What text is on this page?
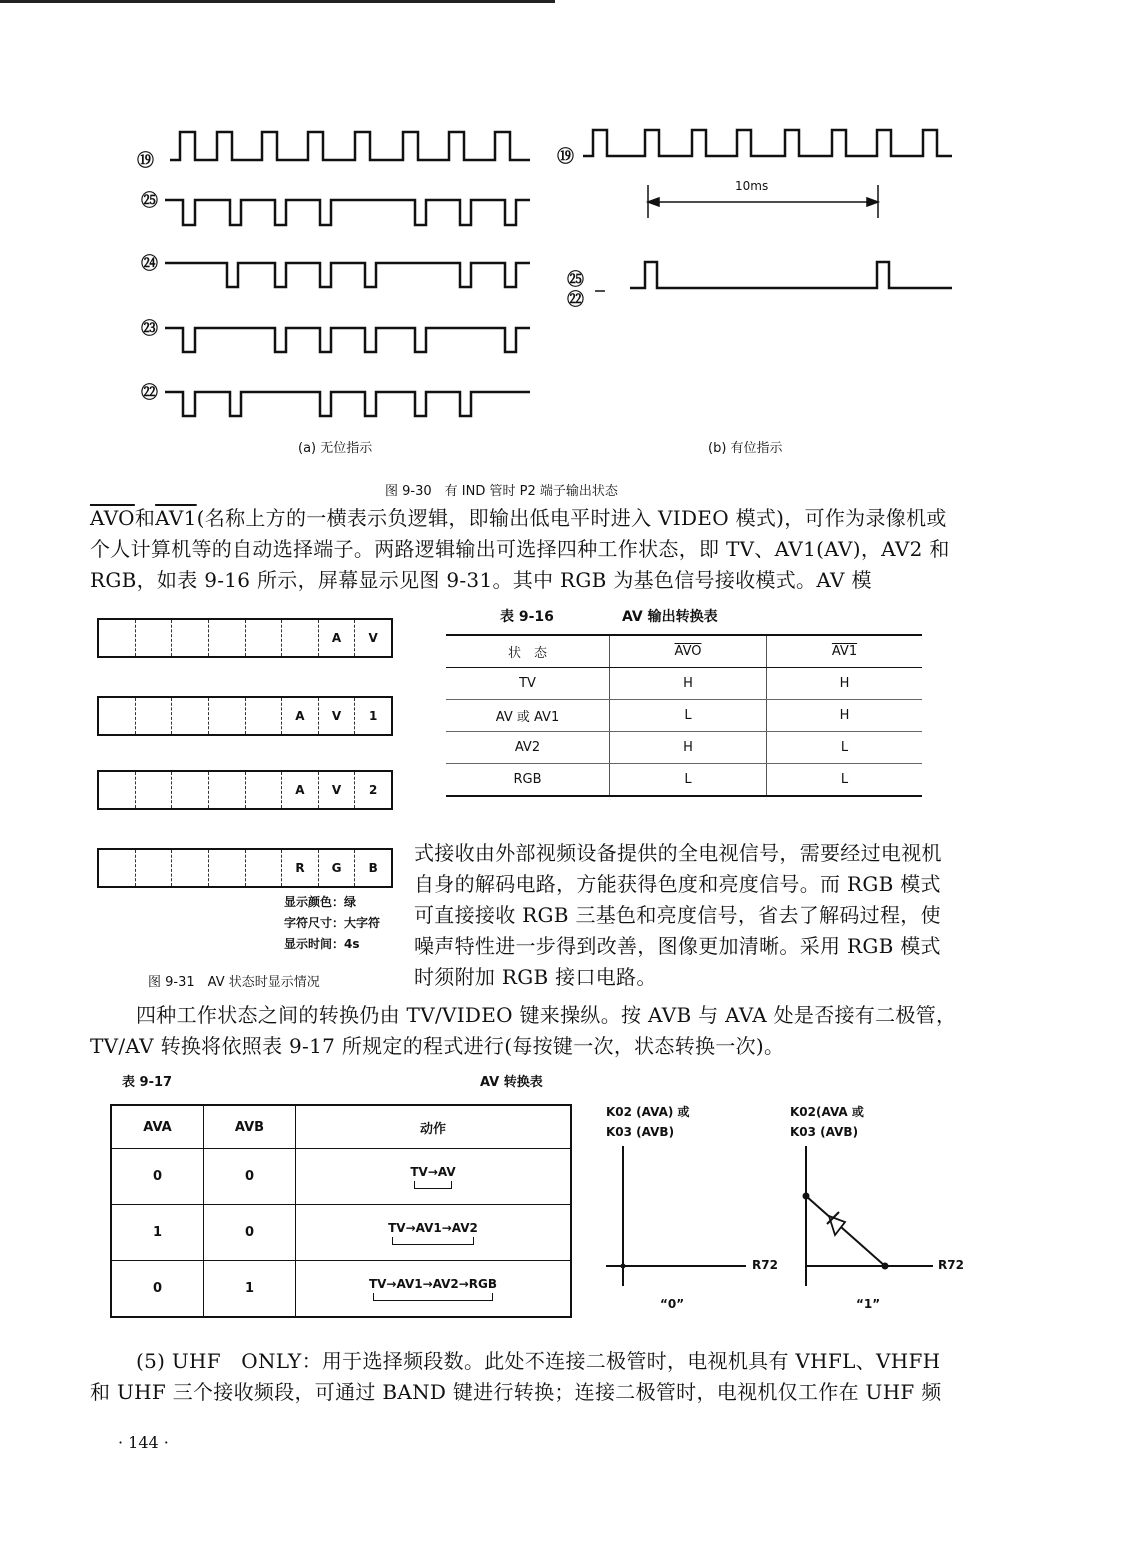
⑲
㉕
㉔
㉓
㉒
10ms
⑲
㉕
㉒
(a) 无位指示	(b) 有位指示
图 9-30　有 IND 管时 P2 端子输出状态

$\overline{AVO}$和AV1(名称上方的一横表示负逻辑，即输出低电平时进入 VIDEO 模式)，可作为录像机或个人计算机等的自动选择端子。两路逻辑输出可选择四种工作状态，即 TV、AV1(AV)，AV2 和 RGB，如表 9-16 所示，屏幕显示见图 9-31。其中 RGB 为基色信号接收模式。AV 模

A	V
A	V	1
A	V	2
R	G	B
显示颜色：绿
字符尺寸：大字符
显示时间：4s
图 9-31　AV 状态时显示情况
表 9-16	AV 输出转换表
状　态	$\overline{AVO}$	AV1
TV	H	H
AV 或 AV1	L	H
AV2	H	L
RGB	L	L

式接收由外部视频设备提供的全电视信号，需要经过电视机自身的解码电路，方能获得色度和亮度信号。而 RGB 模式可直接接收 RGB 三基色和亮度信号，省去了解码过程，使噪声特性进一步得到改善，图像更加清晰。采用 RGB 模式时须附加 RGB 接口电路。

四种工作状态之间的转换仍由 TV/VIDEO 键来操纵。按 AVB 与 AVA 处是否接有二极管，TV/AV 转换将依照表 9-17 所规定的程式进行(每按键一次，状态转换一次)。

表 9-17	AV 转换表
AVA	AVB	动作
0	0	TV→AV

1	0	TV→AV1→AV2

0	1	TV→AV1→AV2→RGB
K02 (AVA) 或
K03 (AVB)
K02(AVA 或
K03 (AVB)
R72	R72
“0”	“1”

(5) UHF　ONLY：用于选择频段数。此处不连接二极管时，电视机具有 VHFL、VHFH 和 UHF 三个接收频段，可通过 BAND 键进行转换；连接二极管时，电视机仅工作在 UHF 频

· 144 ·
